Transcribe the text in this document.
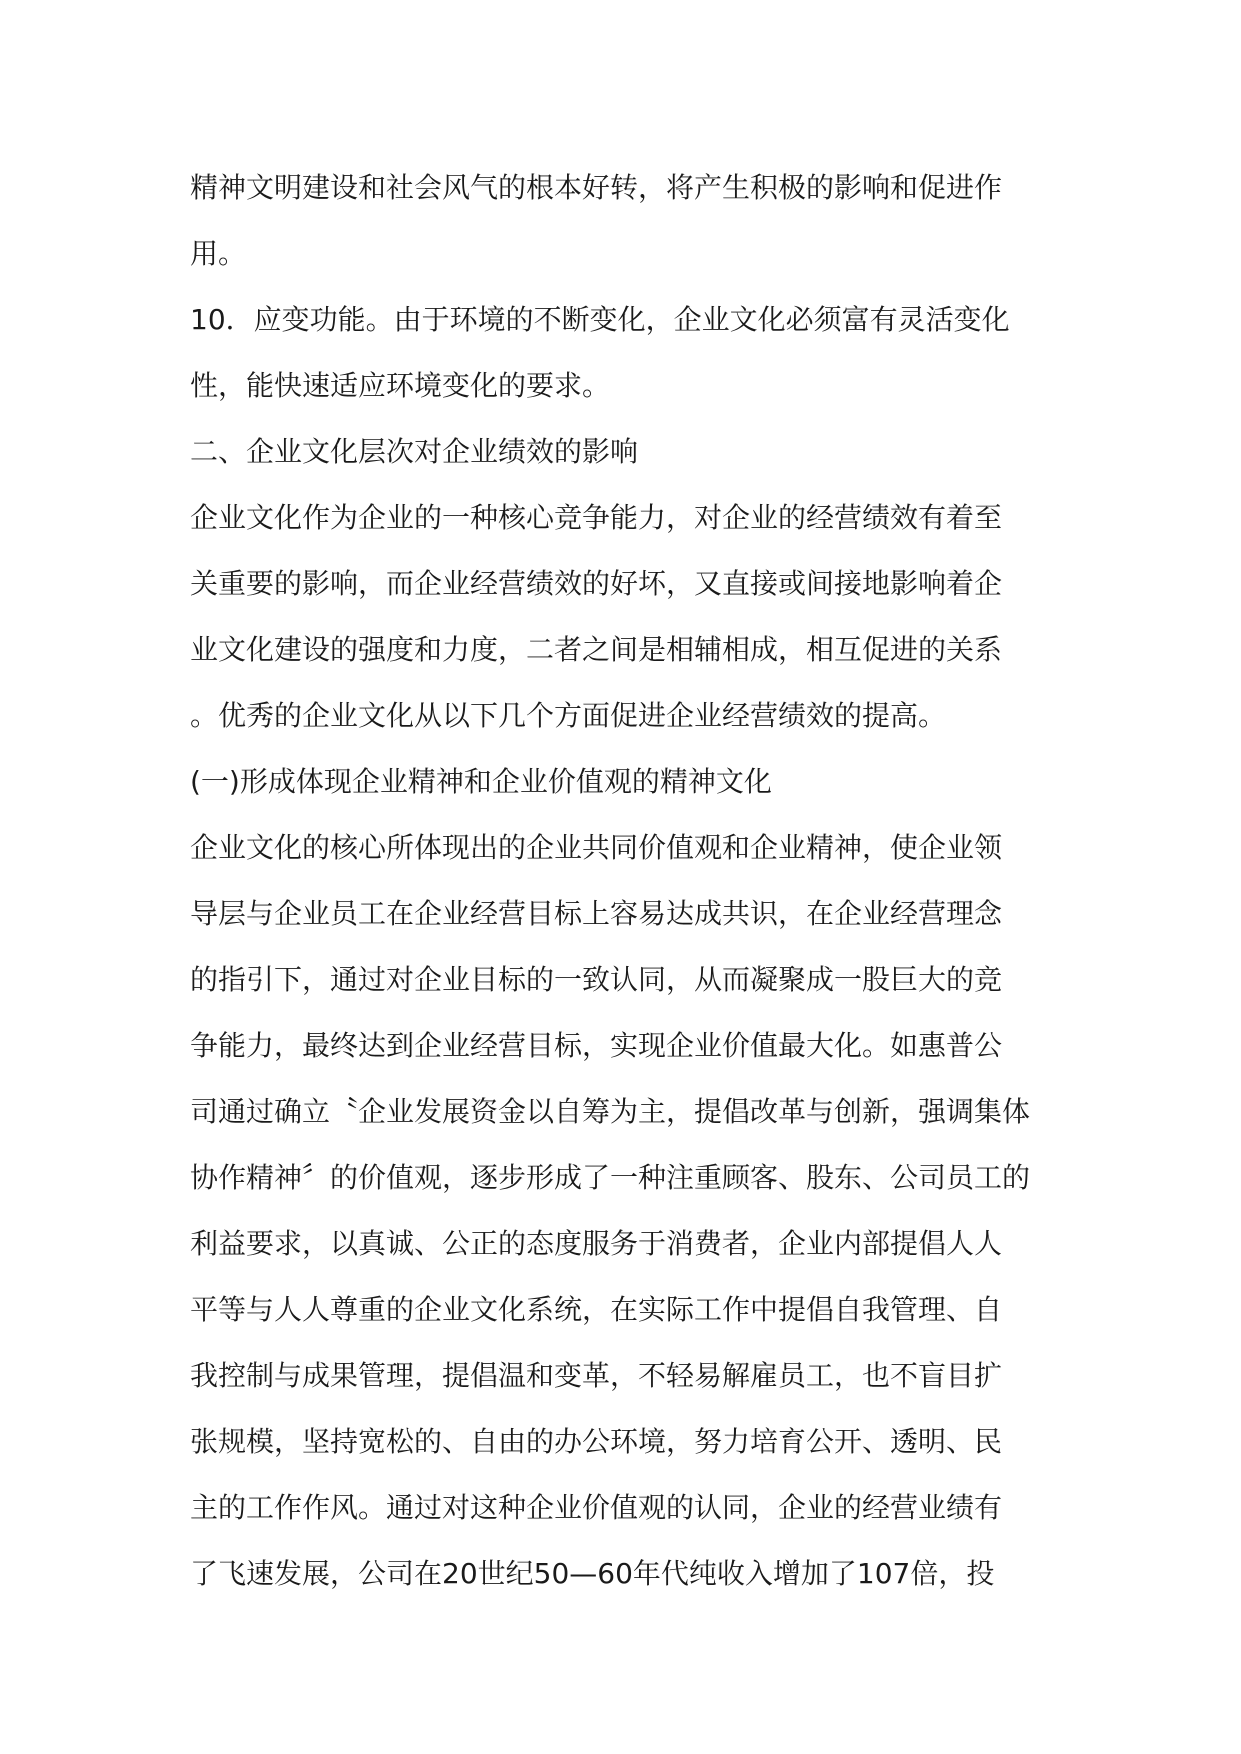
精神文明建设和社会风气的根本好转，将产生积极的影响和促进作
用。
10．应变功能。由于环境的不断变化，企业文化必须富有灵活变化
性，能快速适应环境变化的要求。
二、企业文化层次对企业绩效的影响
企业文化作为企业的一种核心竞争能力，对企业的经营绩效有着至
关重要的影响，而企业经营绩效的好坏，又直接或间接地影响着企
业文化建设的强度和力度，二者之间是相辅相成，相互促进的关系
。优秀的企业文化从以下几个方面促进企业经营绩效的提高。
(一)形成体现企业精神和企业价值观的精神文化
企业文化的核心所体现出的企业共同价值观和企业精神，使企业领
导层与企业员工在企业经营目标上容易达成共识，在企业经营理念
的指引下，通过对企业目标的一致认同，从而凝聚成一股巨大的竞
争能力，最终达到企业经营目标，实现企业价值最大化。如惠普公
司通过确立〝企业发展资金以自筹为主，提倡改革与创新，强调集体
协作精神〞的价值观，逐步形成了一种注重顾客、股东、公司员工的
利益要求，以真诚、公正的态度服务于消费者，企业内部提倡人人
平等与人人尊重的企业文化系统，在实际工作中提倡自我管理、自
我控制与成果管理，提倡温和变革，不轻易解雇员工，也不盲目扩
张规模，坚持宽松的、自由的办公环境，努力培育公开、透明、民
主的工作作风。通过对这种企业价值观的认同，企业的经营业绩有
了飞速发展，公司在20世纪50—60年代纯收入增加了107倍，投
